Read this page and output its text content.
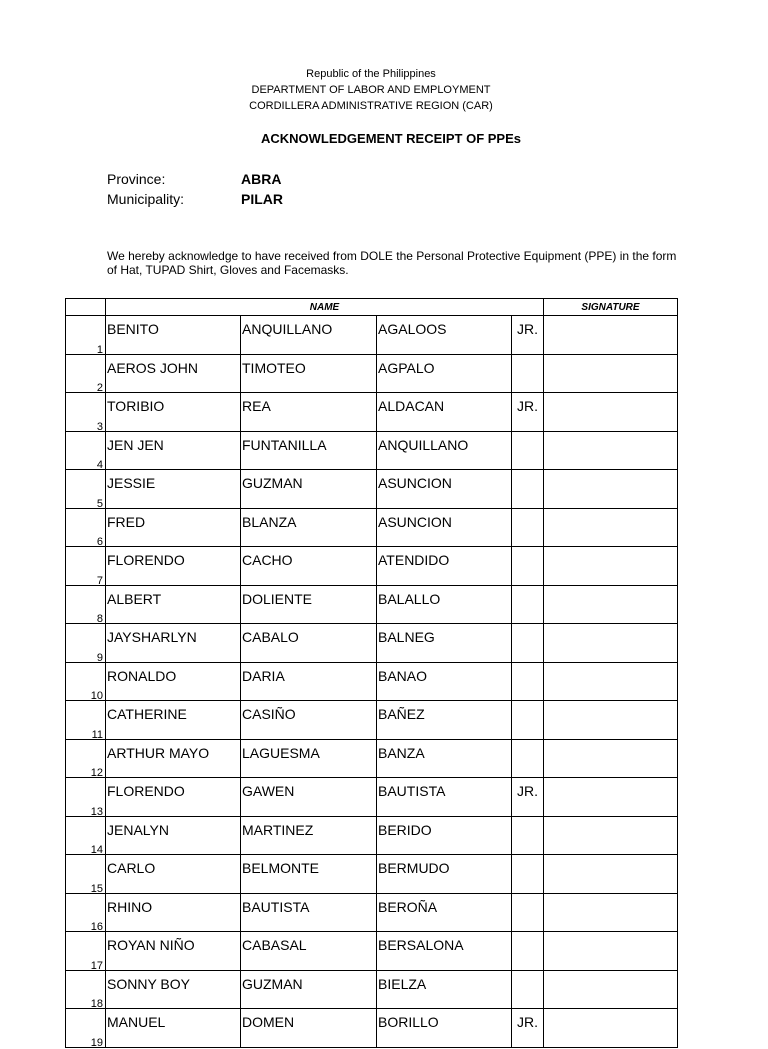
Republic of the Philippines
DEPARTMENT OF LABOR AND EMPLOYMENT
CORDILLERA ADMINISTRATIVE REGION (CAR)
ACKNOWLEDGEMENT RECEIPT OF PPEs
Province:	ABRA
Municipality:	PILAR
We hereby acknowledge to have received from DOLE the Personal Protective Equipment (PPE) in the form of Hat, TUPAD Shirt, Gloves and Facemasks.
	NAME				SIGNATURE
1	BENITO	ANQUILLANO	AGALOOS	JR.	
2	AEROS JOHN	TIMOTEO	AGPALO		
3	TORIBIO	REA	ALDACAN	JR.	
4	JEN JEN	FUNTANILLA	ANQUILLANO		
5	JESSIE	GUZMAN	ASUNCION		
6	FRED	BLANZA	ASUNCION		
7	FLORENDO	CACHO	ATENDIDO		
8	ALBERT	DOLIENTE	BALALLO		
9	JAYSHARLYN	CABALO	BALNEG		
10	RONALDO	DARIA	BANAO		
11	CATHERINE	CASIÑO	BAÑEZ		
12	ARTHUR MAYO	LAGUESMA	BANZA		
13	FLORENDO	GAWEN	BAUTISTA	JR.	
14	JENALYN	MARTINEZ	BERIDO		
15	CARLO	BELMONTE	BERMUDO		
16	RHINO	BAUTISTA	BEROÑA		
17	ROYAN NIÑO	CABASAL	BERSALONA		
18	SONNY BOY	GUZMAN	BIELZA		
19	MANUEL	DOMEN	BORILLO	JR.	
